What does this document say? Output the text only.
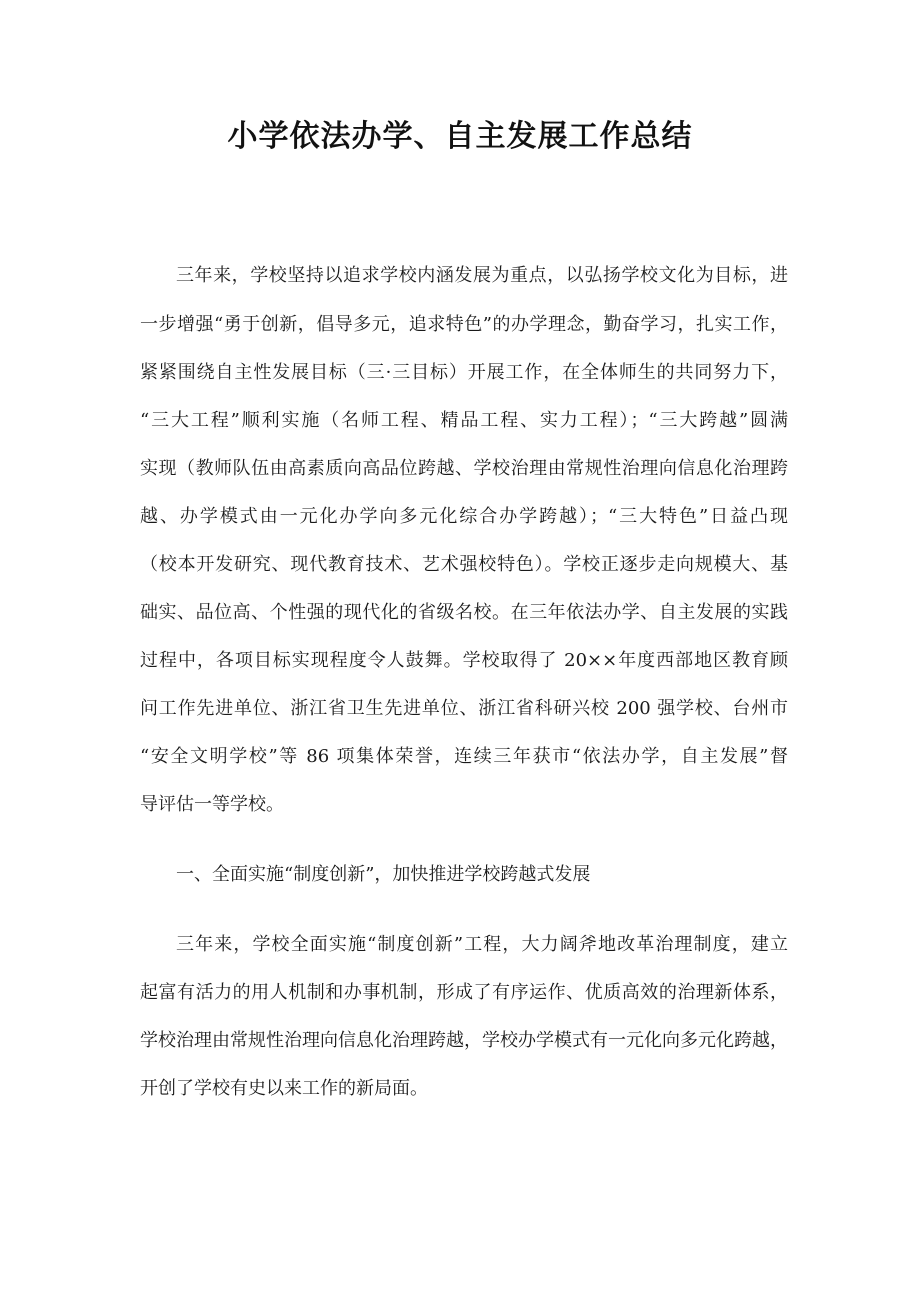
小学依法办学、自主发展工作总结
三年来，学校坚持以追求学校内涵发展为重点，以弘扬学校文化为目标，进
一步增强“勇于创新，倡导多元，追求特色”的办学理念，勤奋学习，扎实工作，
紧紧围绕自主性发展目标（三·三目标）开展工作，在全体师生的共同努力下，
“三大工程”顺利实施（名师工程、精品工程、实力工程）；“三大跨越”圆满
实现（教师队伍由高素质向高品位跨越、学校治理由常规性治理向信息化治理跨
越、办学模式由一元化办学向多元化综合办学跨越）；“三大特色”日益凸现
（校本开发研究、现代教育技术、艺术强校特色）。学校正逐步走向规模大、基
础实、品位高、个性强的现代化的省级名校。在三年依法办学、自主发展的实践
过程中，各项目标实现程度令人鼓舞。学校取得了 20××年度西部地区教育顾
问工作先进单位、浙江省卫生先进单位、浙江省科研兴校 200 强学校、台州市
“安全文明学校”等 86 项集体荣誉，连续三年获市“依法办学，自主发展”督
导评估一等学校。
一、全面实施“制度创新”，加快推进学校跨越式发展
三年来，学校全面实施“制度创新”工程，大力阔斧地改革治理制度，建立
起富有活力的用人机制和办事机制，形成了有序运作、优质高效的治理新体系，
学校治理由常规性治理向信息化治理跨越，学校办学模式有一元化向多元化跨越，
开创了学校有史以来工作的新局面。
